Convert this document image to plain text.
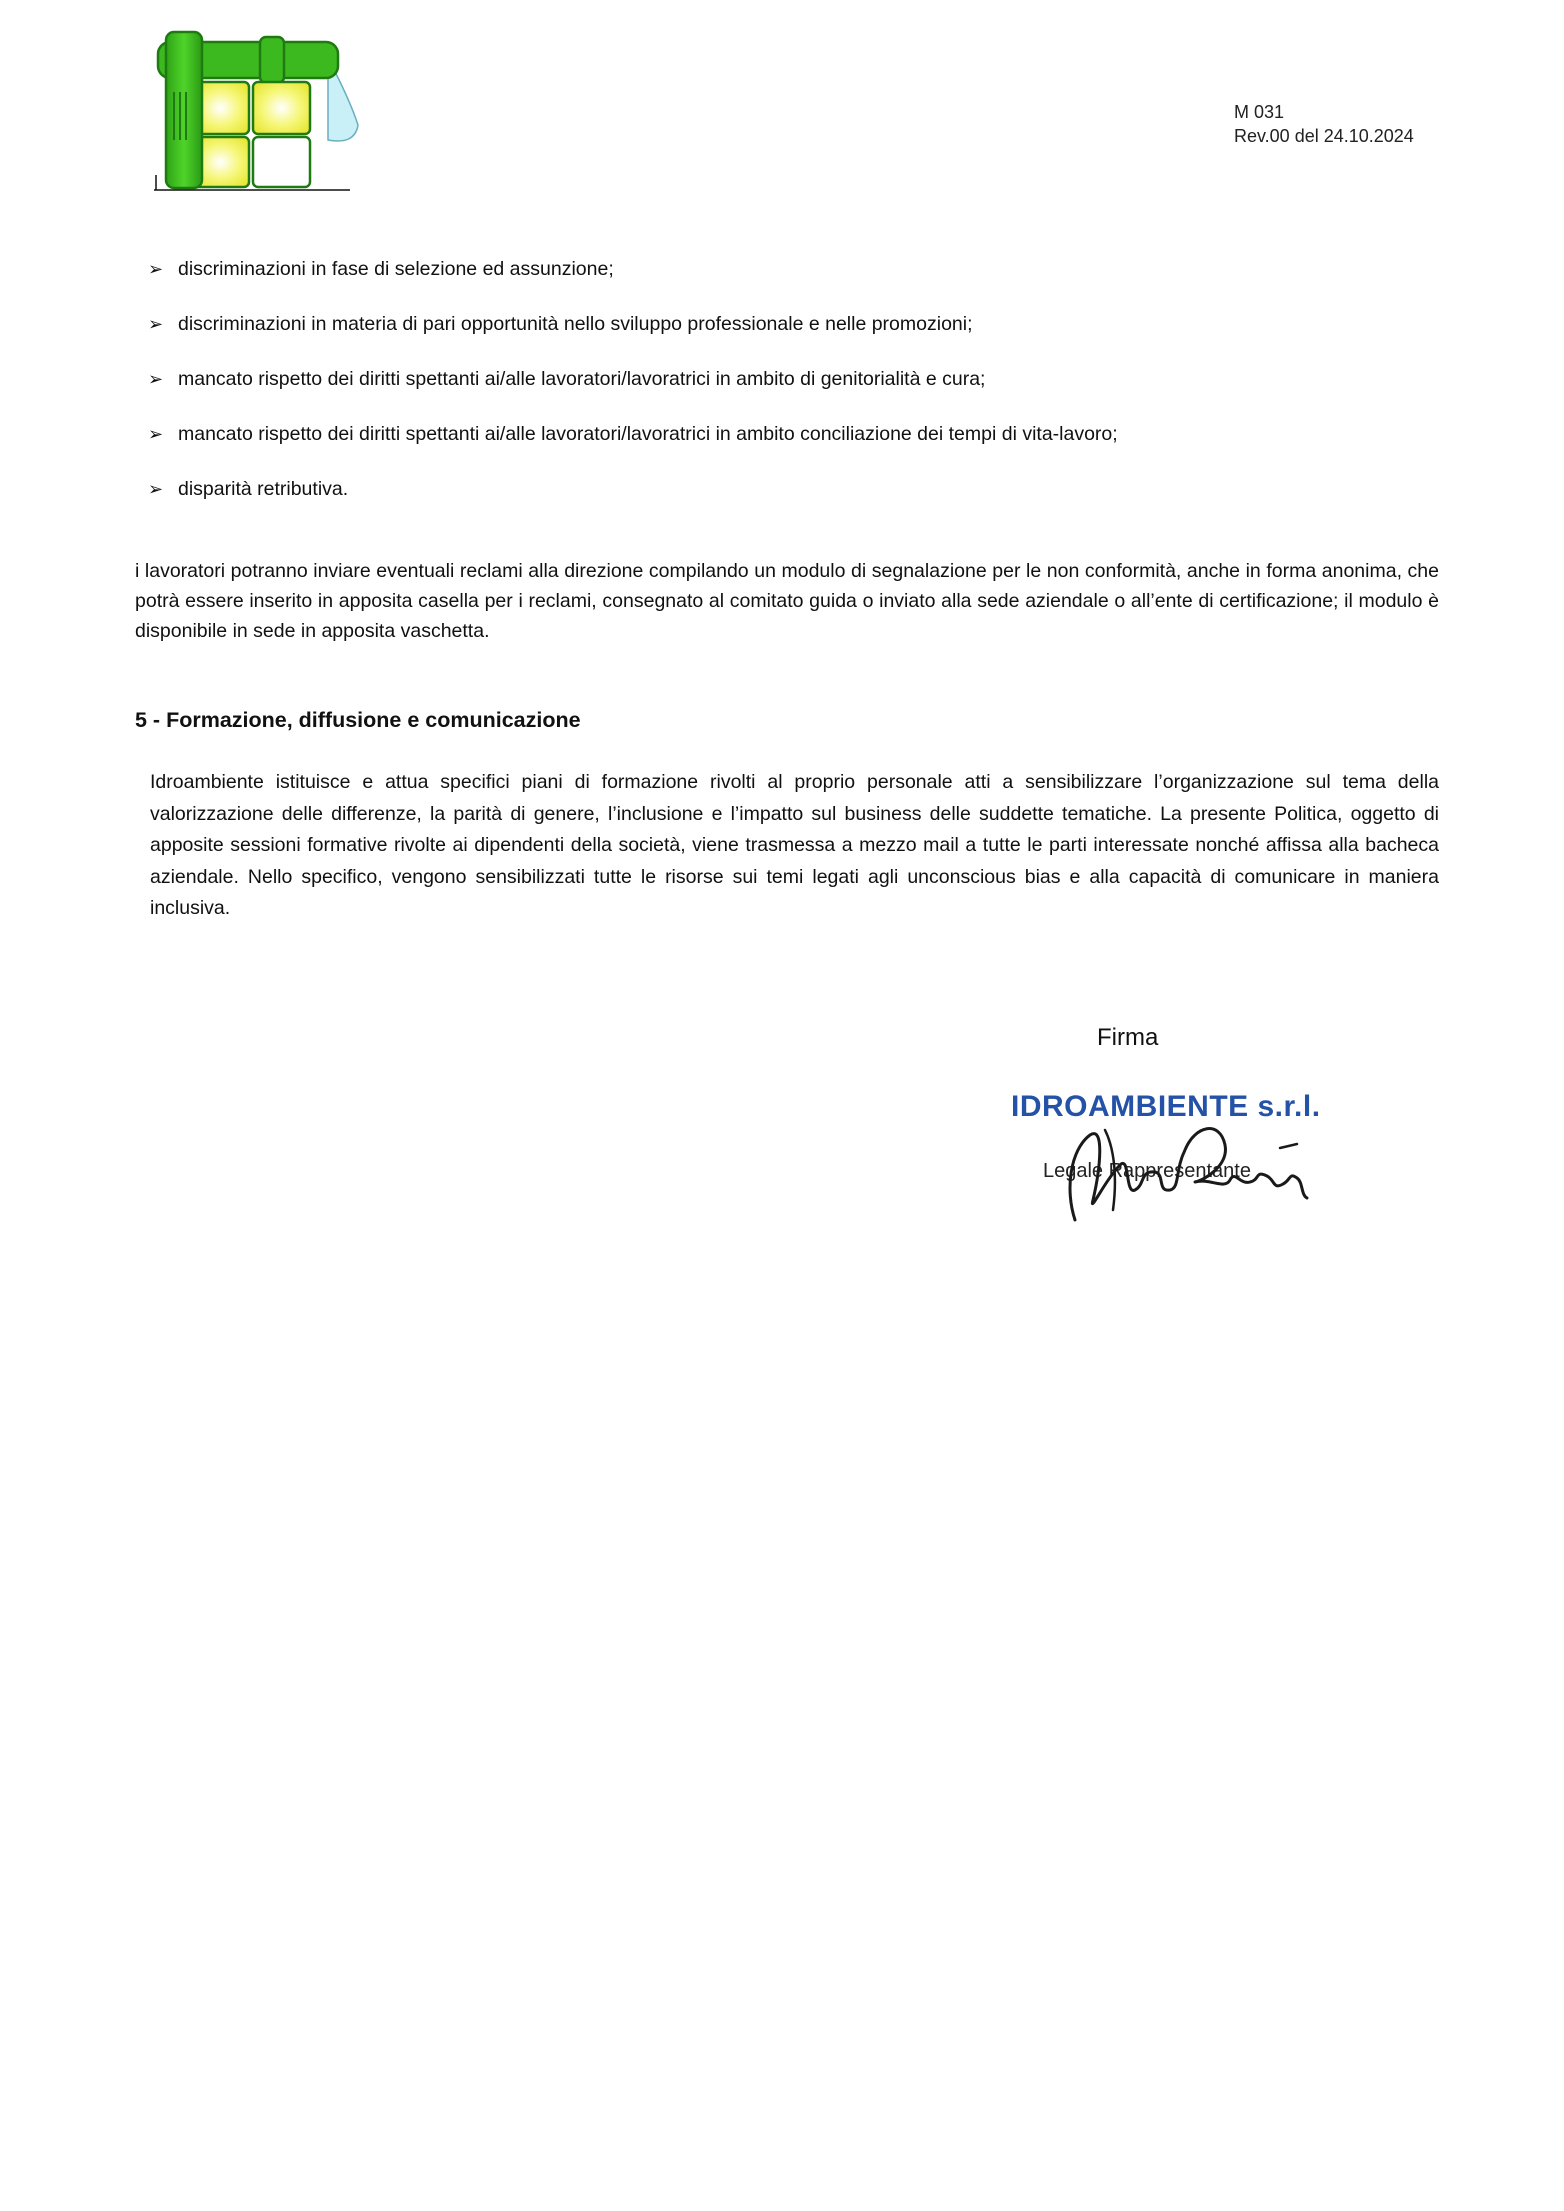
M 031
Rev.00 del 24.10.2024
➢ discriminazioni in fase di selezione ed assunzione;
➢ discriminazioni in materia di pari opportunità nello sviluppo professionale e nelle promozioni;
➢ mancato rispetto dei diritti spettanti ai/alle lavoratori/lavoratrici in ambito di genitorialità e cura;
➢ mancato rispetto dei diritti spettanti ai/alle lavoratori/lavoratrici in ambito conciliazione dei tempi di vita-lavoro;
➢ disparità retributiva.
i lavoratori potranno inviare eventuali reclami alla direzione compilando un modulo di segnalazione per le non conformità, anche in forma anonima, che potrà essere inserito in apposita casella per i reclami, consegnato al comitato guida o inviato alla sede aziendale o all’ente di certificazione; il modulo è disponibile in sede in apposita vaschetta.
5 - Formazione, diffusione e comunicazione
Idroambiente istituisce e attua specifici piani di formazione rivolti al proprio personale atti a sensibilizzare l’organizzazione sul tema della valorizzazione delle differenze, la parità di genere, l’inclusione e l’impatto sul business delle suddette tematiche. La presente Politica, oggetto di apposite sessioni formative rivolte ai dipendenti della società, viene trasmessa a mezzo mail a tutte le parti interessate nonché affissa alla bacheca aziendale. Nello specifico, vengono sensibilizzati tutte le risorse sui temi legati agli unconscious bias e alla capacità di comunicare in maniera inclusiva.
Firma
IDROAMBIENTE s.r.l.
Legale Rappresentante
